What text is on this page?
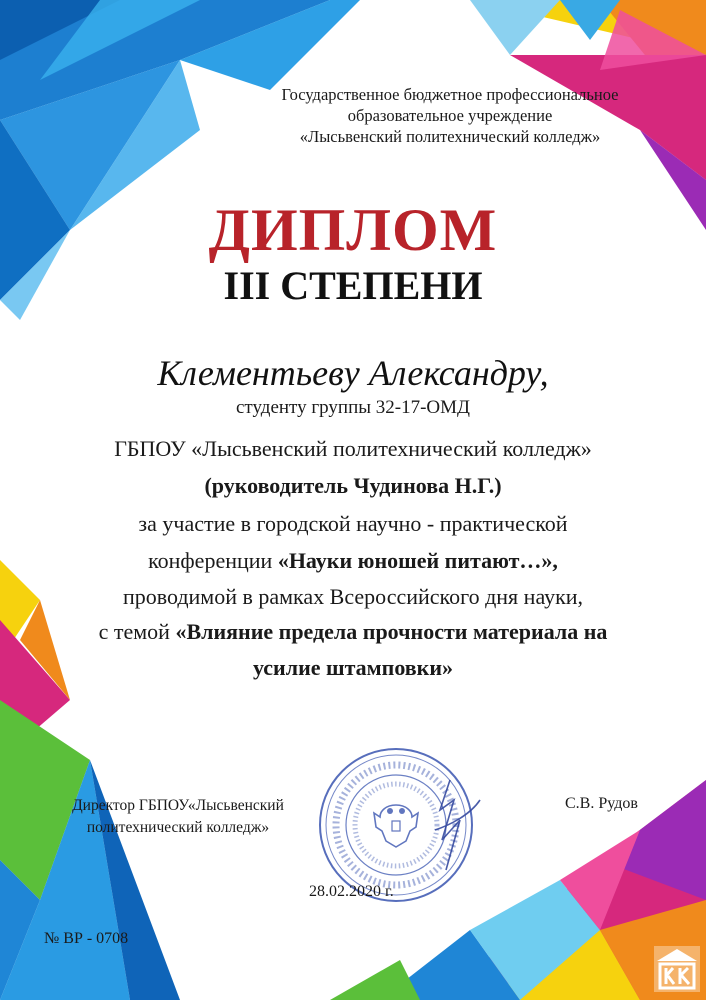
Государственное бюджетное профессиональное
образовательное учреждение
«Лысьвенский политехнический колледж»
ДИПЛОМ
III СТЕПЕНИ
Клементьеву Александру,
студенту группы 32-17-ОМД
ГБПОУ «Лысьвенский политехнический колледж»
(руководитель Чудинова Н.Г.)
за участие в городской научно - практической
конференции «Науки юношей питают…»,
проводимой в рамках Всероссийского дня науки,
с темой «Влияние предела прочности материала на
усилие штамповки»
Директор ГБПОУ«Лысьвенский
политехнический колледж»
С.В. Рудов
28.02.2020 г.
№ ВР - 0708
